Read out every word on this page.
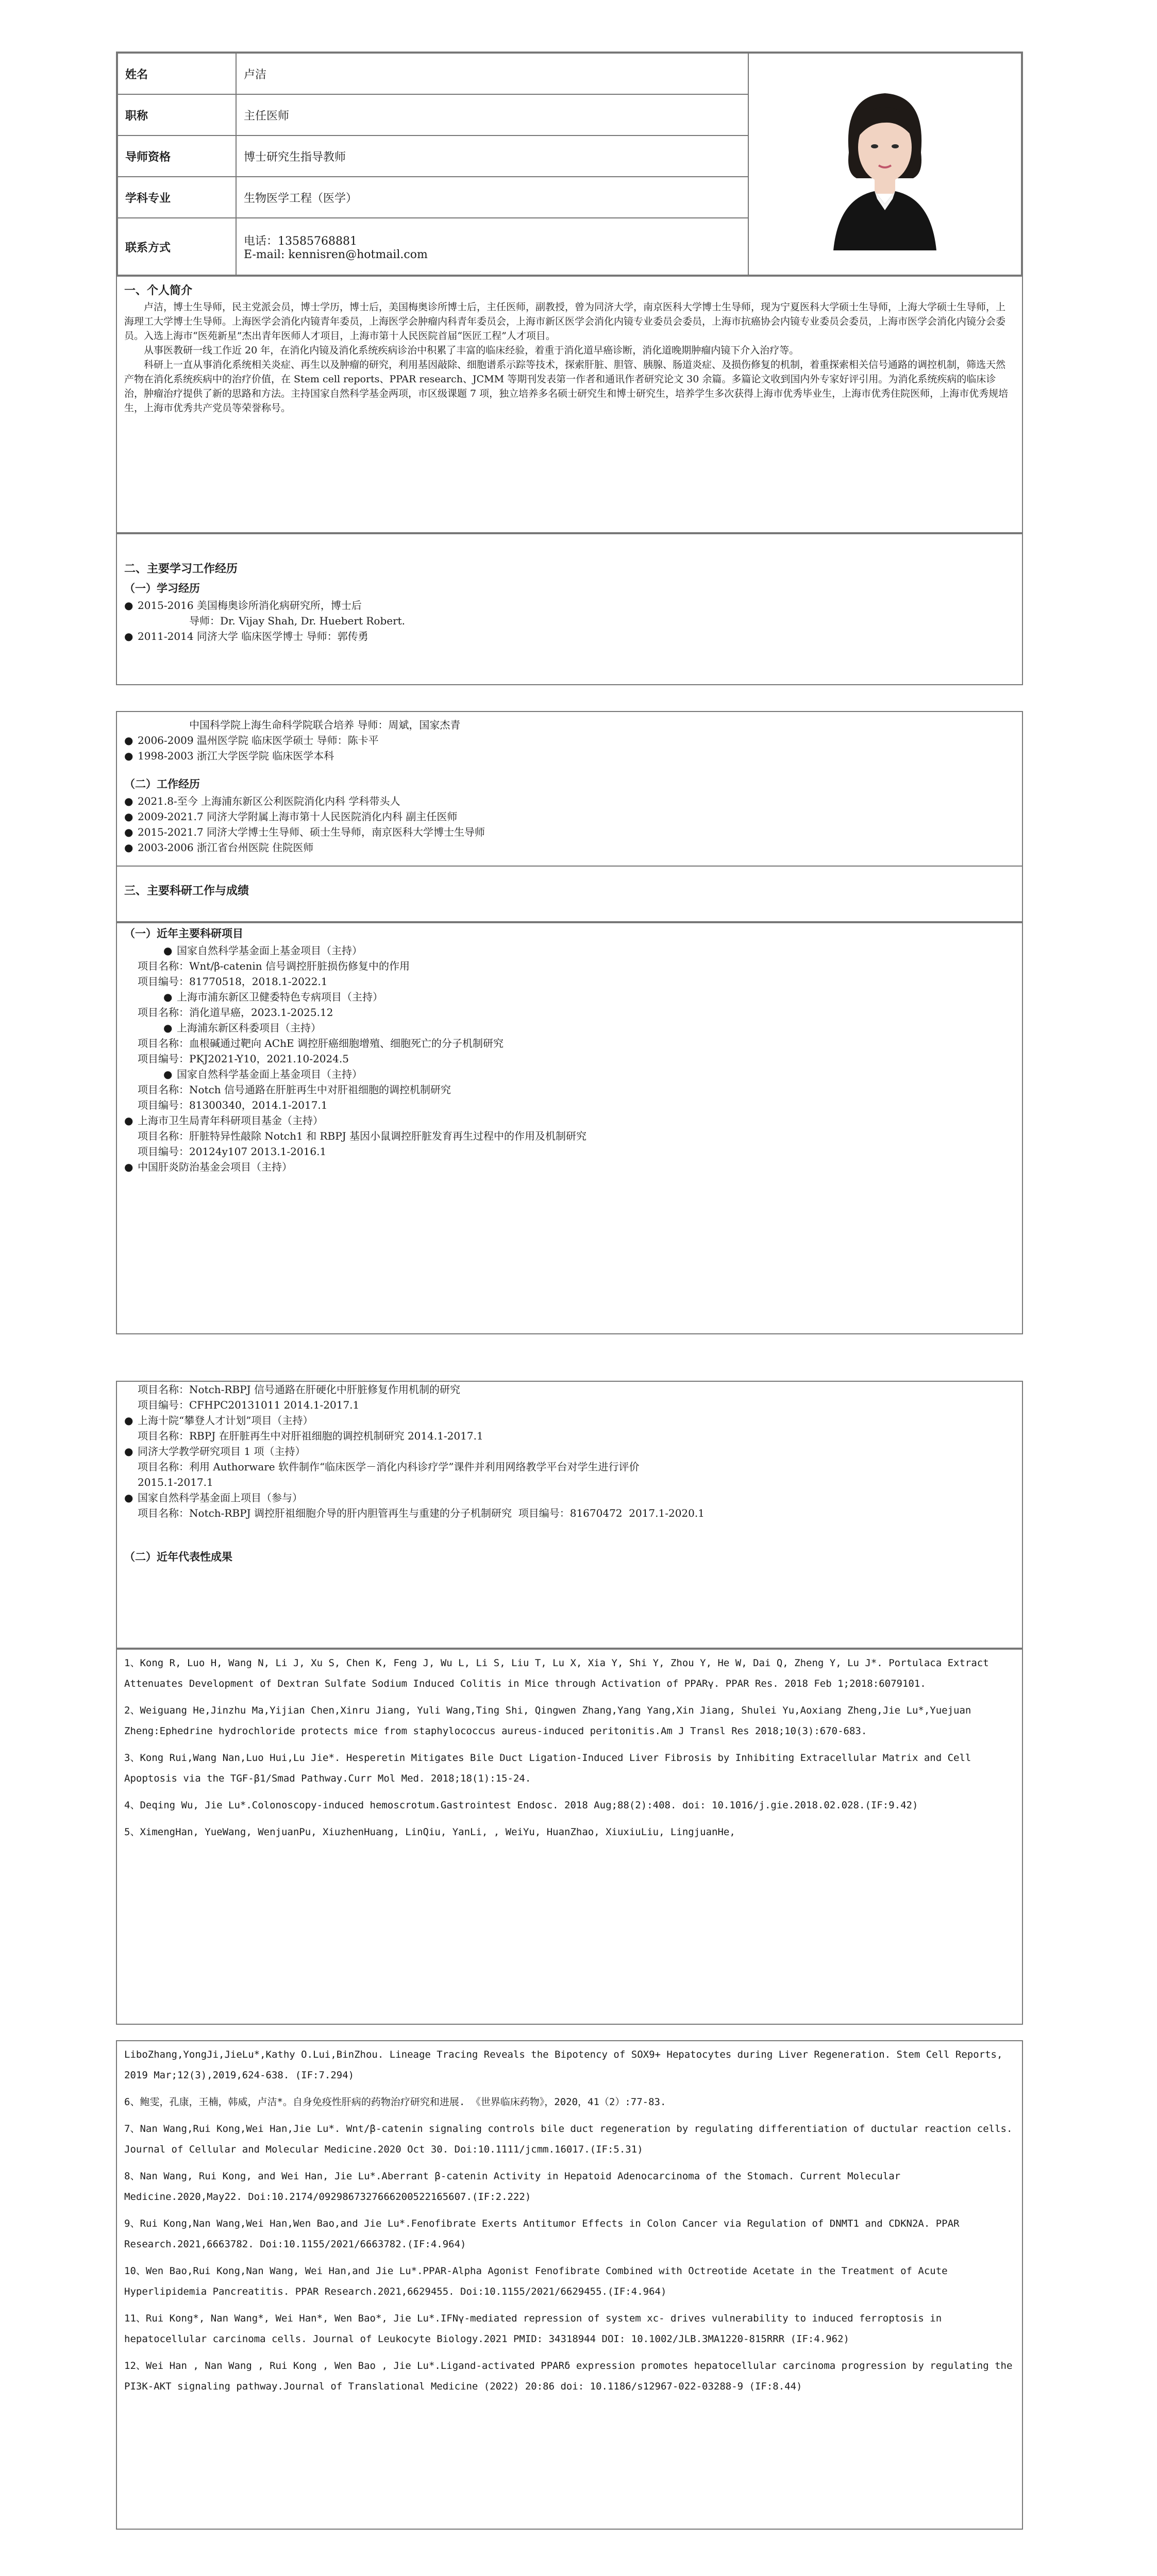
姓名	卢洁	
职称	主任医师	
导师资格	博士研究生指导教师	
学科专业	生物医学工程（医学）	
联系方式	电话：13585768881
E-mail: kennisren@hotmail.com	
一、个人简介
卢洁，博士生导师，民主党派会员，博士学历，博士后，美国梅奥诊所博士后，主任医师，副教授，曾为同济大学，南京医科大学博士生导师，现为宁夏医科大学硕士生导师，上海大学硕士生导师，上海理工大学博士生导师。上海医学会消化内镜青年委员，上海医学会肿瘤内科青年委员会，上海市新区医学会消化内镜专业委员会委员，上海市抗癌协会内镜专业委员会委员，上海市医学会消化内镜分会委员。入选上海市“医苑新星”杰出青年医师人才项目，上海市第十人民医院首届“医匠工程”人才项目。
从事医教研一线工作近 20 年，在消化内镜及消化系统疾病诊治中积累了丰富的临床经验，着重于消化道早癌诊断，消化道晚期肿瘤内镜下介入治疗等。
科研上一直从事消化系统相关炎症、再生以及肿瘤的研究，利用基因敲除、细胞谱系示踪等技术，探索肝脏、胆管、胰腺、肠道炎症、及损伤修复的机制，着重探索相关信号通路的调控机制，筛选天然产物在消化系统疾病中的治疗价值，在 Stem cell reports、PPAR research、JCMM 等期刊发表第一作者和通讯作者研究论文 30 余篇。多篇论文收到国内外专家好评引用。为消化系统疾病的临床诊治，肿瘤治疗提供了新的思路和方法。主持国家自然科学基金两项，市区级课题 7 项，独立培养多名硕士研究生和博士研究生，培养学生多次获得上海市优秀毕业生，上海市优秀住院医师，上海市优秀规培生，上海市优秀共产党员等荣誉称号。
二、主要学习工作经历
（一）学习经历
● 2015-2016 美国梅奥诊所消化病研究所，博士后
导师：Dr. Vijay Shah, Dr. Huebert Robert.
● 2011-2014 同济大学 临床医学博士 导师：郭传勇
中国科学院上海生命科学院联合培养 导师：周斌，国家杰青
● 2006-2009 温州医学院 临床医学硕士 导师：陈卡平
● 1998-2003 浙江大学医学院 临床医学本科
（二）工作经历
● 2021.8-至今 上海浦东新区公利医院消化内科 学科带头人
● 2009-2021.7 同济大学附属上海市第十人民医院消化内科 副主任医师
● 2015-2021.7 同济大学博士生导师、硕士生导师，南京医科大学博士生导师
● 2003-2006 浙江省台州医院 住院医师
三、主要科研工作与成绩
（一）近年主要科研项目
● 国家自然科学基金面上基金项目（主持）
项目名称：Wnt/β-catenin 信号调控肝脏损伤修复中的作用
项目编号：81770518，2018.1-2022.1
● 上海市浦东新区卫健委特色专病项目（主持）
项目名称：消化道早癌，2023.1-2025.12
● 上海浦东新区科委项目（主持）
项目名称：血根碱通过靶向 AChE 调控肝癌细胞增殖、细胞死亡的分子机制研究
项目编号：PKJ2021-Y10，2021.10-2024.5
● 国家自然科学基金面上基金项目（主持）
项目名称：Notch 信号通路在肝脏再生中对肝祖细胞的调控机制研究
项目编号：81300340，2014.1-2017.1
● 上海市卫生局青年科研项目基金（主持）
项目名称：肝脏特异性敲除 Notch1 和 RBPJ 基因小鼠调控肝脏发育再生过程中的作用及机制研究
项目编号：20124y107 2013.1-2016.1
● 中国肝炎防治基金会项目（主持）
项目名称：Notch-RBPJ 信号通路在肝硬化中肝脏修复作用机制的研究
项目编号：CFHPC20131011 2014.1-2017.1
● 上海十院“攀登人才计划”项目（主持）
项目名称：RBPJ 在肝脏再生中对肝祖细胞的调控机制研究 2014.1-2017.1
● 同济大学教学研究项目 1 项（主持）
项目名称：利用 Authorware 软件制作“临床医学－消化内科诊疗学”课件并利用网络教学平台对学生进行评价
2015.1-2017.1
● 国家自然科学基金面上项目（参与）
项目名称：Notch-RBPJ 调控肝祖细胞介导的肝内胆管再生与重建的分子机制研究  项目编号：81670472  2017.1-2020.1
（二）近年代表性成果
1、Kong R, Luo H, Wang N, Li J, Xu S, Chen K, Feng J, Wu L, Li S, Liu T, Lu X, Xia Y, Shi Y, Zhou Y, He W, Dai Q, Zheng Y, Lu J*. Portulaca Extract Attenuates Development of Dextran Sulfate Sodium Induced Colitis in Mice through Activation of PPARγ. PPAR Res. 2018 Feb 1;2018:6079101.
2、Weiguang He,Jinzhu Ma,Yijian Chen,Xinru Jiang, Yuli Wang,Ting Shi, Qingwen Zhang,Yang Yang,Xin Jiang, Shulei Yu,Aoxiang Zheng,Jie Lu*,Yuejuan Zheng:Ephedrine hydrochloride protects mice from staphylococcus aureus-induced peritonitis.Am J Transl Res 2018;10(3):670-683.
3、Kong Rui,Wang Nan,Luo Hui,Lu Jie*. Hesperetin Mitigates Bile Duct Ligation-Induced Liver Fibrosis by Inhibiting Extracellular Matrix and Cell Apoptosis via the TGF-β1/Smad Pathway.Curr Mol Med. 2018;18(1):15-24.
4、Deqing Wu, Jie Lu*.Colonoscopy-induced hemoscrotum.Gastrointest Endosc. 2018 Aug;88(2):408. doi: 10.1016/j.gie.2018.02.028.(IF:9.42)
5、XimengHan, YueWang, WenjuanPu, XiuzhenHuang, LinQiu, YanLi, , WeiYu, HuanZhao, XiuxiuLiu, LingjuanHe,
LiboZhang,YongJi,JieLu*,Kathy O.Lui,BinZhou. Lineage Tracing Reveals the Bipotency of SOX9+ Hepatocytes during Liver Regeneration. Stem Cell Reports, 2019 Mar;12(3),2019,624-638. (IF:7.294)
6、鲍雯，孔康，王楠，韩威，卢洁*。自身免疫性肝病的药物治疗研究和进展. 《世界临床药物》，2020，41（2）:77-83.
7、Nan Wang,Rui Kong,Wei Han,Jie Lu*. Wnt/β-catenin signaling controls bile duct regeneration by regulating differentiation of ductular reaction cells. Journal of Cellular and Molecular Medicine.2020 Oct 30. Doi:10.1111/jcmm.16017.(IF:5.31)
8、Nan Wang, Rui Kong, and Wei Han, Jie Lu*.Aberrant β-catenin Activity in Hepatoid Adenocarcinoma of the Stomach. Current Molecular Medicine.2020,May22. Doi:10.2174/0929867327666200522165607.(IF:2.222)
9、Rui Kong,Nan Wang,Wei Han,Wen Bao,and Jie Lu*.Fenofibrate Exerts Antitumor Effects in Colon Cancer via Regulation of DNMT1 and CDKN2A. PPAR Research.2021,6663782. Doi:10.1155/2021/6663782.(IF:4.964)
10、Wen Bao,Rui Kong,Nan Wang, Wei Han,and Jie Lu*.PPAR-Alpha Agonist Fenofibrate Combined with Octreotide Acetate in the Treatment of Acute Hyperlipidemia Pancreatitis. PPAR Research.2021,6629455. Doi:10.1155/2021/6629455.(IF:4.964)
11、Rui Kong*, Nan Wang*, Wei Han*, Wen Bao*, Jie Lu*.IFNγ-mediated repression of system xc- drives vulnerability to induced ferroptosis in hepatocellular carcinoma cells. Journal of Leukocyte Biology.2021 PMID: 34318944 DOI: 10.1002/JLB.3MA1220-815RRR (IF:4.962)
12、Wei Han , Nan Wang , Rui Kong , Wen Bao , Jie Lu*.Ligand-activated PPARδ expression promotes hepatocellular carcinoma progression by regulating the PI3K-AKT signaling pathway.Journal of Translational Medicine (2022) 20:86 doi: 10.1186/s12967-022-03288-9 (IF:8.44)
